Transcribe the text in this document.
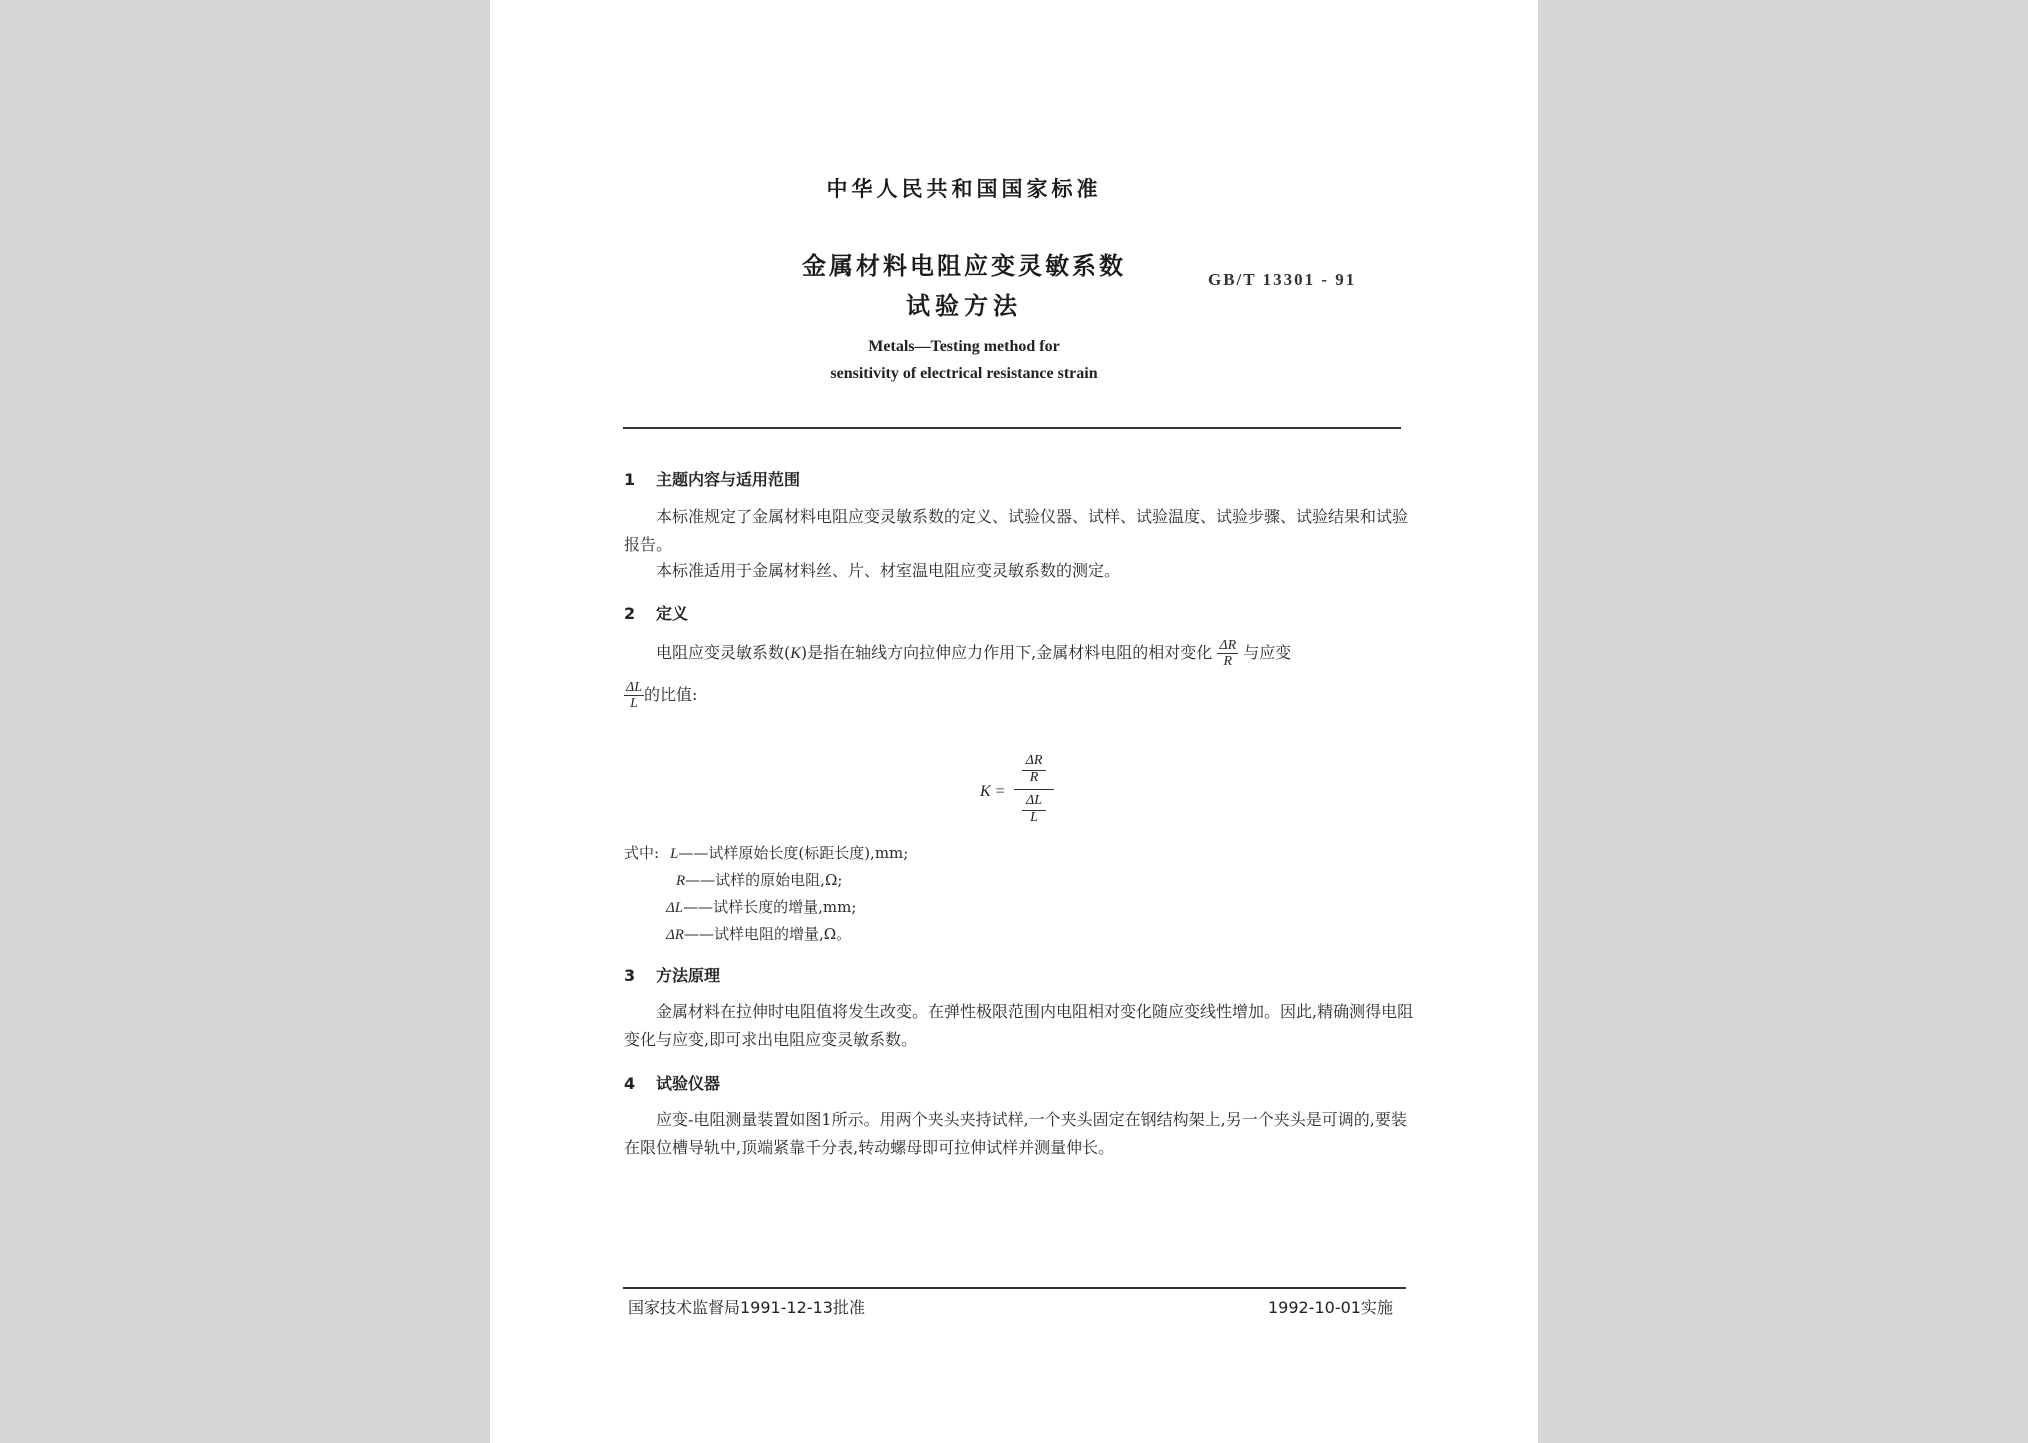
中华人民共和国国家标准
金属材料电阻应变灵敏系数
试验方法
GB/T 13301 - 91
Metals—Testing method for
sensitivity of electrical resistance strain
1 主题内容与适用范围
本标准规定了金属材料电阻应变灵敏系数的定义、试验仪器、试样、试验温度、试验步骤、试验结果和试验报告。
本标准适用于金属材料丝、片、材室温电阻应变灵敏系数的测定。
2 定义
电阻应变灵敏系数(K)是指在轴线方向拉伸应力作用下,金属材料电阻的相对变化 $\frac{\Delta R}{R}$ 与应变
$\frac{\Delta L}{L}$ 的比值:
K =
ΔR
R
ΔL
L
式中: L——试样原始长度(标距长度),mm;
R——试样的原始电阻,Ω;
ΔL——试样长度的增量,mm;
ΔR——试样电阻的增量,Ω。
3 方法原理
金属材料在拉伸时电阻值将发生改变。在弹性极限范围内电阻相对变化随应变线性增加。因此,精确测得电阻变化与应变,即可求出电阻应变灵敏系数。
4 试验仪器
应变-电阻测量装置如图1所示。用两个夹头夹持试样,一个夹头固定在钢结构架上,另一个夹头是可调的,要装在限位槽导轨中,顶端紧靠千分表,转动螺母即可拉伸试样并测量伸长。
国家技术监督局1991-12-13批准	1992-10-01实施
